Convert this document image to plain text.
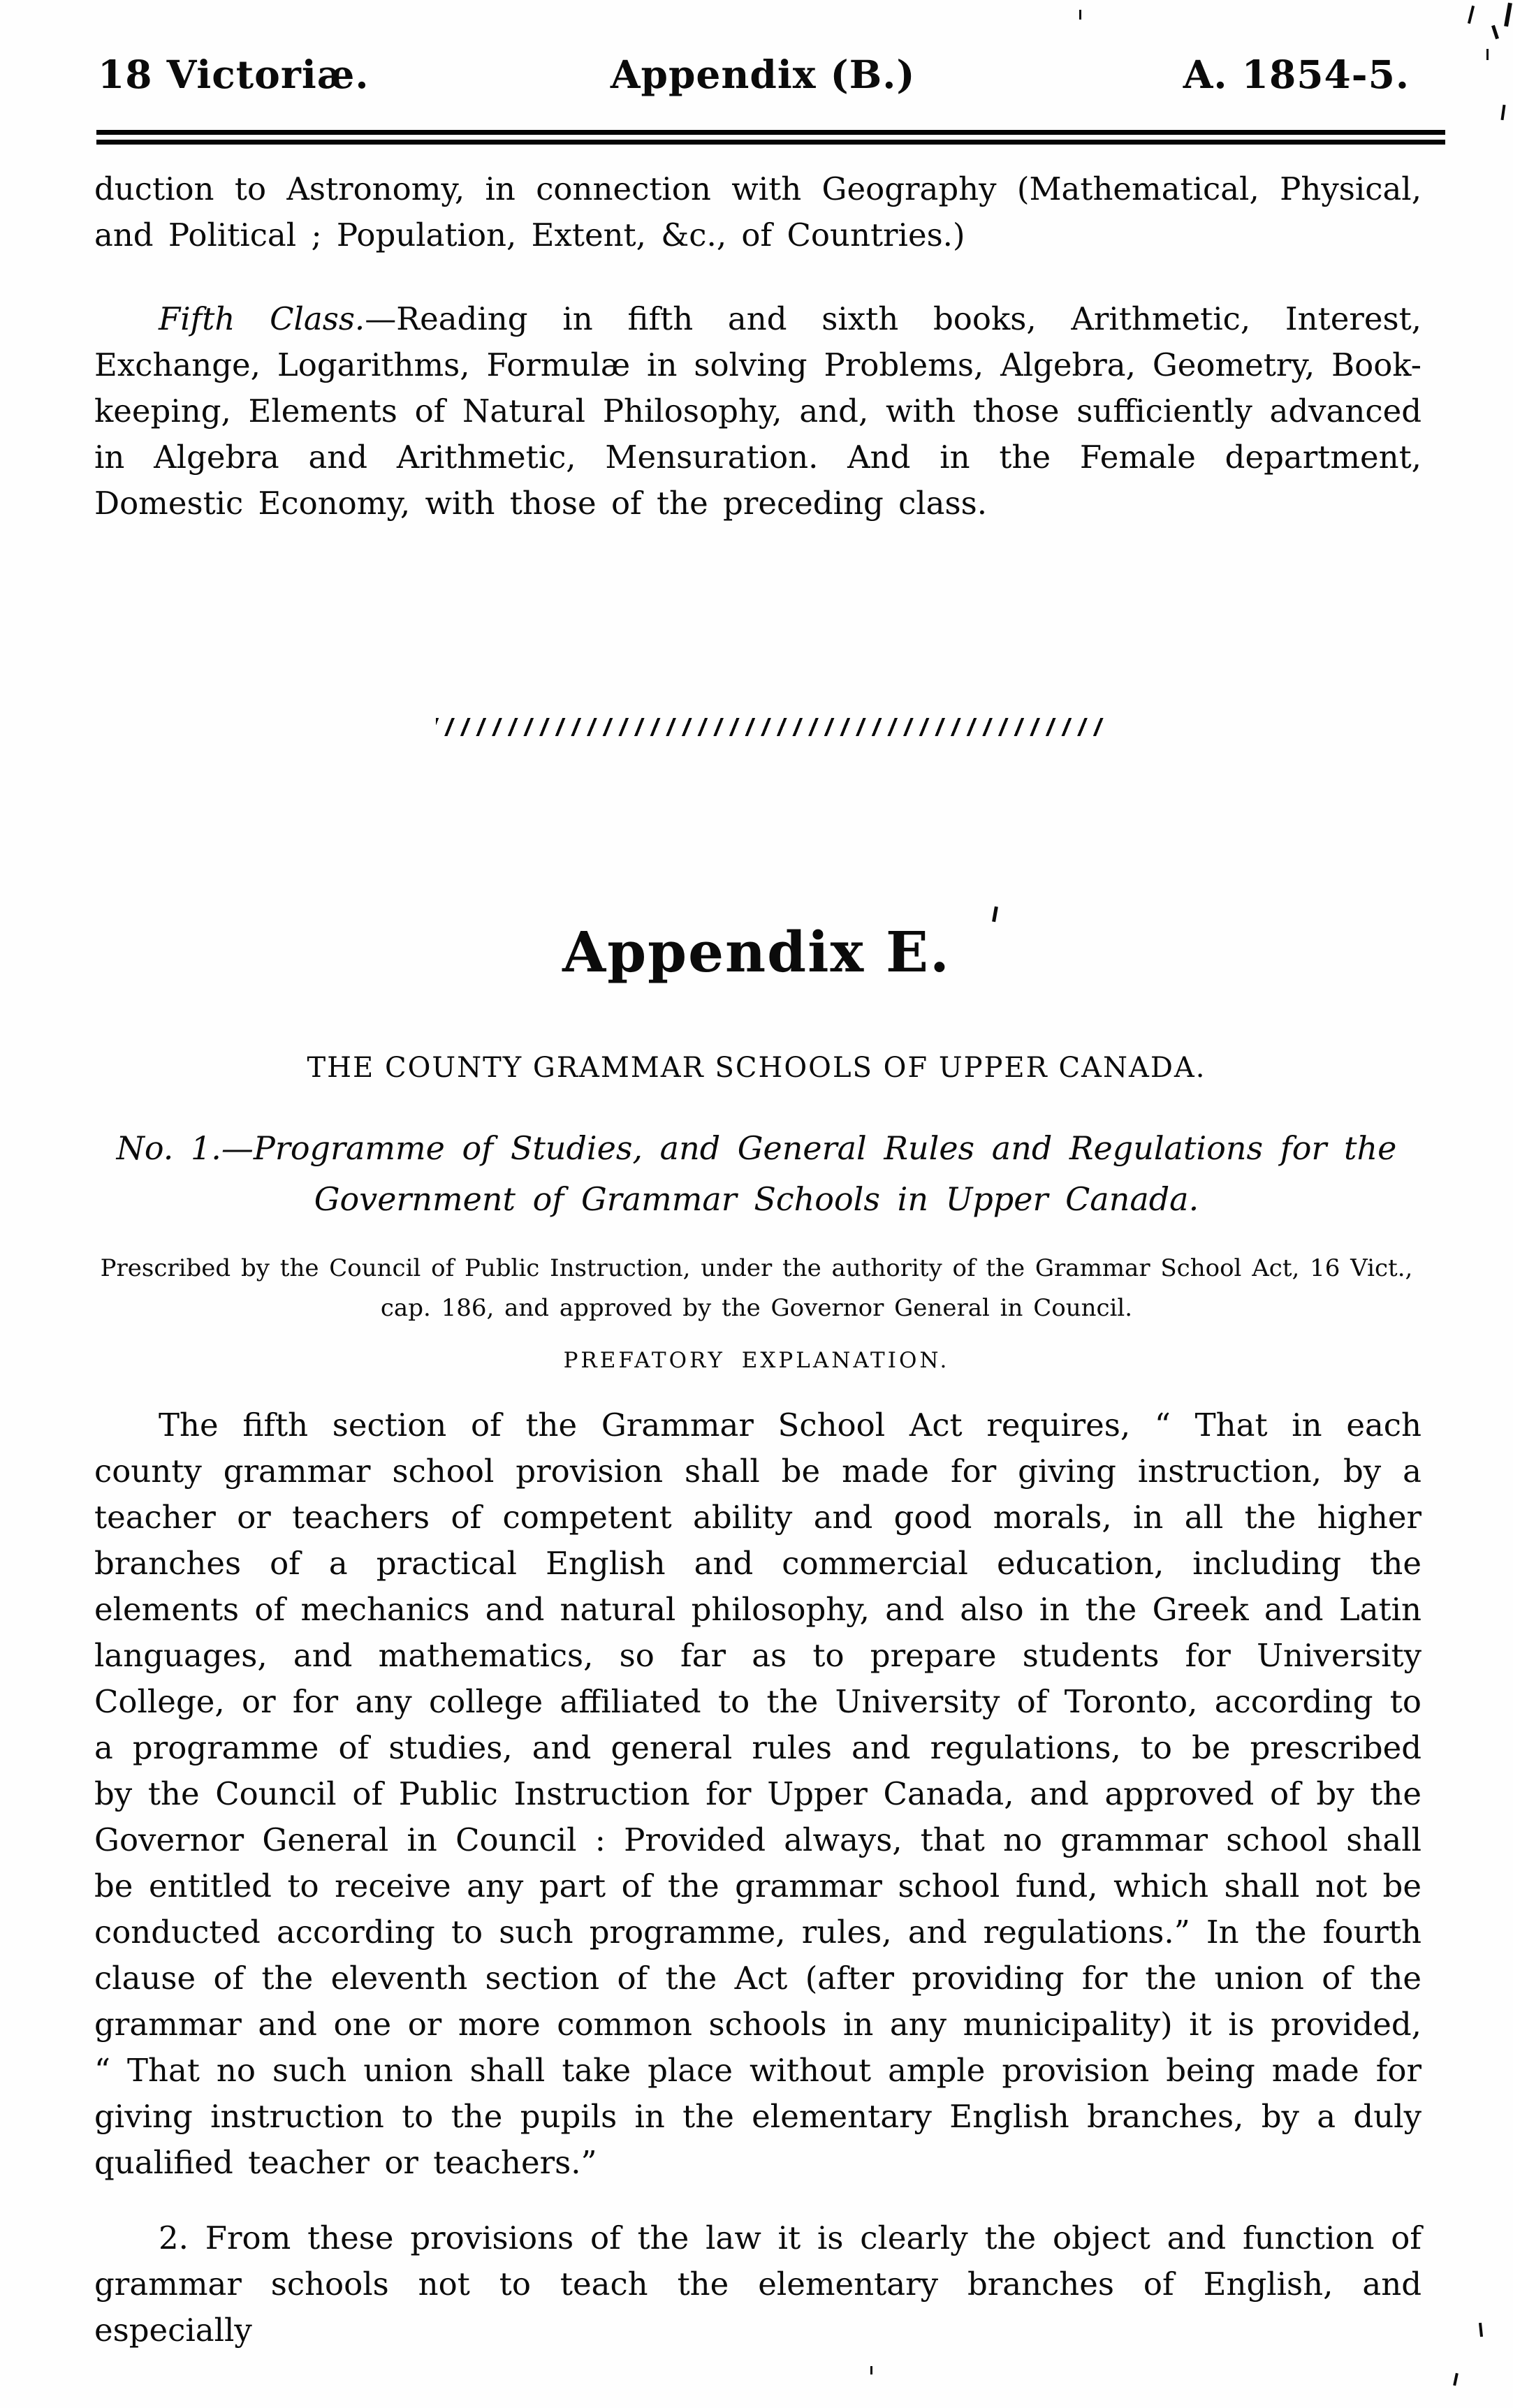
18 Victoriæ.	Appendix (B.)	A. 1854-5.

duction to Astronomy, in connection with Geography (Mathematical, Physical, and Political ; Population, Extent, &c., of Countries.)

Fifth Class.—Reading in fifth and sixth books, Arithmetic, Interest, Exchange, Logarithms, Formulæ in solving Problems, Algebra, Geometry, Book-keeping, Elements of Natural Philosophy, and, with those sufficiently advanced in Algebra and Arithmetic, Mensuration. And in the Female department, Domestic Economy, with those of the preceding class.

Appendix E.
THE COUNTY GRAMMAR SCHOOLS OF UPPER CANADA.

No. 1.—Programme of Studies, and General Rules and Regulations for the Government of Grammar Schools in Upper Canada.

Prescribed by the Council of Public Instruction, under the authority of the Grammar School Act, 16 Vict., cap. 186, and approved by the Governor General in Council.

PREFATORY EXPLANATION.

The fifth section of the Grammar School Act requires, “ That in each county grammar school provision shall be made for giving instruction, by a teacher or teachers of competent ability and good morals, in all the higher branches of a practical English and commercial education, including the elements of mechanics and natural philosophy, and also in the Greek and Latin languages, and mathematics, so far as to prepare students for University College, or for any college affiliated to the University of Toronto, according to a programme of studies, and general rules and regulations, to be prescribed by the Council of Public Instruction for Upper Canada, and approved of by the Governor General in Council : Provided always, that no grammar school shall be entitled to receive any part of the grammar school fund, which shall not be conducted according to such programme, rules, and regulations.” In the fourth clause of the eleventh section of the Act (after providing for the union of the grammar and one or more common schools in any municipality) it is provided, “ That no such union shall take place without ample provision being made for giving instruction to the pupils in the elementary English branches, by a duly qualified teacher or teachers.”

2. From these provisions of the law it is clearly the object and function of grammar schools not to teach the elementary branches of English, and especially
